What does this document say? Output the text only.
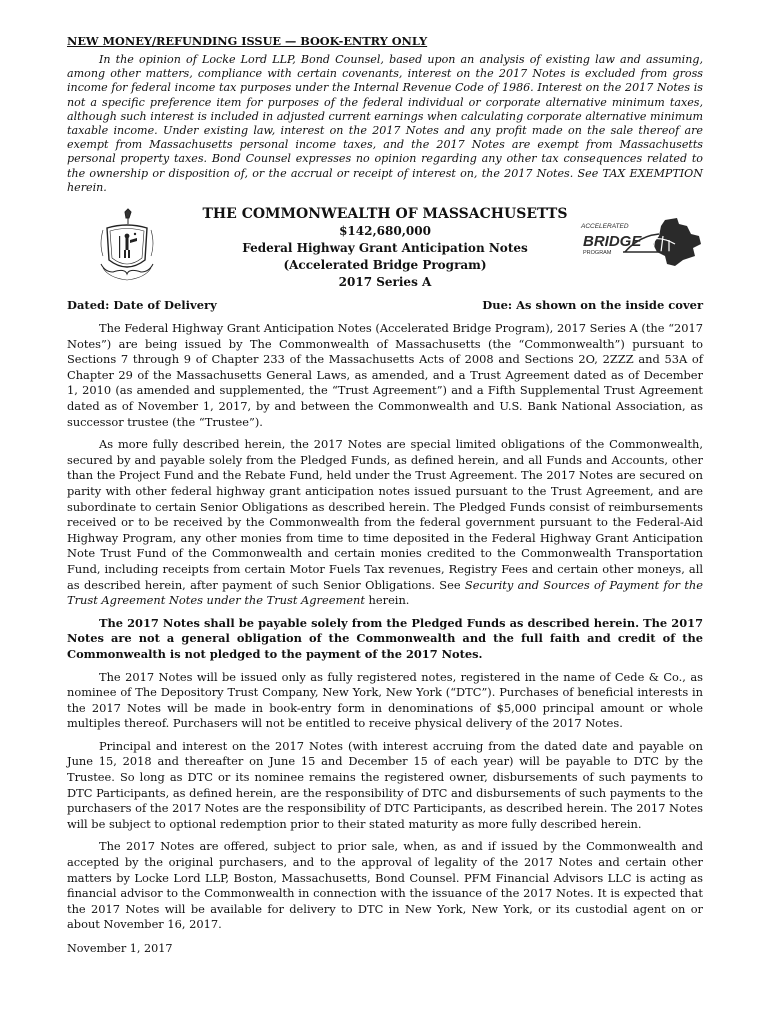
NEW MONEY/REFUNDING ISSUE — BOOK-ENTRY ONLY

In the opinion of Locke Lord LLP, Bond Counsel, based upon an analysis of existing law and assuming, among other matters, compliance with certain covenants, interest on the 2017 Notes is excluded from gross income for federal income tax purposes under the Internal Revenue Code of 1986. Interest on the 2017 Notes is not a specific preference item for purposes of the federal individual or corporate alternative minimum taxes, although such interest is included in adjusted current earnings when calculating corporate alternative minimum taxable income. Under existing law, interest on the 2017 Notes and any profit made on the sale thereof are exempt from Massachusetts personal income taxes, and the 2017 Notes are exempt from Massachusetts personal property taxes. Bond Counsel expresses no opinion regarding any other tax consequences related to the ownership or disposition of, or the accrual or receipt of interest on, the 2017 Notes. See TAX EXEMPTION herein.

THE COMMONWEALTH OF MASSACHUSETTS
$142,680,000
Federal Highway Grant Anticipation Notes
(Accelerated Bridge Program)
2017 Series A
ACCELERATED
BRIDGE
PROGRAM
Dated: Date of Delivery	Due: As shown on the inside cover

The Federal Highway Grant Anticipation Notes (Accelerated Bridge Program), 2017 Series A (the “2017 Notes”) are being issued by The Commonwealth of Massachusetts (the “Commonwealth”) pursuant to Sections 7 through 9 of Chapter 233 of the Massachusetts Acts of 2008 and Sections 2O, 2ZZZ and 53A of Chapter 29 of the Massachusetts General Laws, as amended, and a Trust Agreement dated as of December 1, 2010 (as amended and supplemented, the “Trust Agreement”) and a Fifth Supplemental Trust Agreement dated as of November 1, 2017, by and between the Commonwealth and U.S. Bank National Association, as successor trustee (the “Trustee”).

As more fully described herein, the 2017 Notes are special limited obligations of the Commonwealth, secured by and payable solely from the Pledged Funds, as defined herein, and all Funds and Accounts, other than the Project Fund and the Rebate Fund, held under the Trust Agreement. The 2017 Notes are secured on parity with other federal highway grant anticipation notes issued pursuant to the Trust Agreement, and are subordinate to certain Senior Obligations as described herein. The Pledged Funds consist of reimbursements received or to be received by the Commonwealth from the federal government pursuant to the Federal-Aid Highway Program, any other monies from time to time deposited in the Federal Highway Grant Anticipation Note Trust Fund of the Commonwealth and certain monies credited to the Commonwealth Transportation Fund, including receipts from certain Motor Fuels Tax revenues, Registry Fees and certain other moneys, all as described herein, after payment of such Senior Obligations. See Security and Sources of Payment for the Trust Agreement Notes under the Trust Agreement herein.

The 2017 Notes shall be payable solely from the Pledged Funds as described herein. The 2017 Notes are not a general obligation of the Commonwealth and the full faith and credit of the Commonwealth is not pledged to the payment of the 2017 Notes.

The 2017 Notes will be issued only as fully registered notes, registered in the name of Cede & Co., as nominee of The Depository Trust Company, New York, New York (“DTC”). Purchases of beneficial interests in the 2017 Notes will be made in book-entry form in denominations of $5,000 principal amount or whole multiples thereof. Purchasers will not be entitled to receive physical delivery of the 2017 Notes.

Principal and interest on the 2017 Notes (with interest accruing from the dated date and payable on June 15, 2018 and thereafter on June 15 and December 15 of each year) will be payable to DTC by the Trustee. So long as DTC or its nominee remains the registered owner, disbursements of such payments to DTC Participants, as defined herein, are the responsibility of DTC and disbursements of such payments to the purchasers of the 2017 Notes are the responsibility of DTC Participants, as described herein. The 2017 Notes will be subject to optional redemption prior to their stated maturity as more fully described herein.

The 2017 Notes are offered, subject to prior sale, when, as and if issued by the Commonwealth and accepted by the original purchasers, and to the approval of legality of the 2017 Notes and certain other matters by Locke Lord LLP, Boston, Massachusetts, Bond Counsel. PFM Financial Advisors LLC is acting as financial advisor to the Commonwealth in connection with the issuance of the 2017 Notes. It is expected that the 2017 Notes will be available for delivery to DTC in New York, New York, or its custodial agent on or about November 16, 2017.

November 1, 2017
